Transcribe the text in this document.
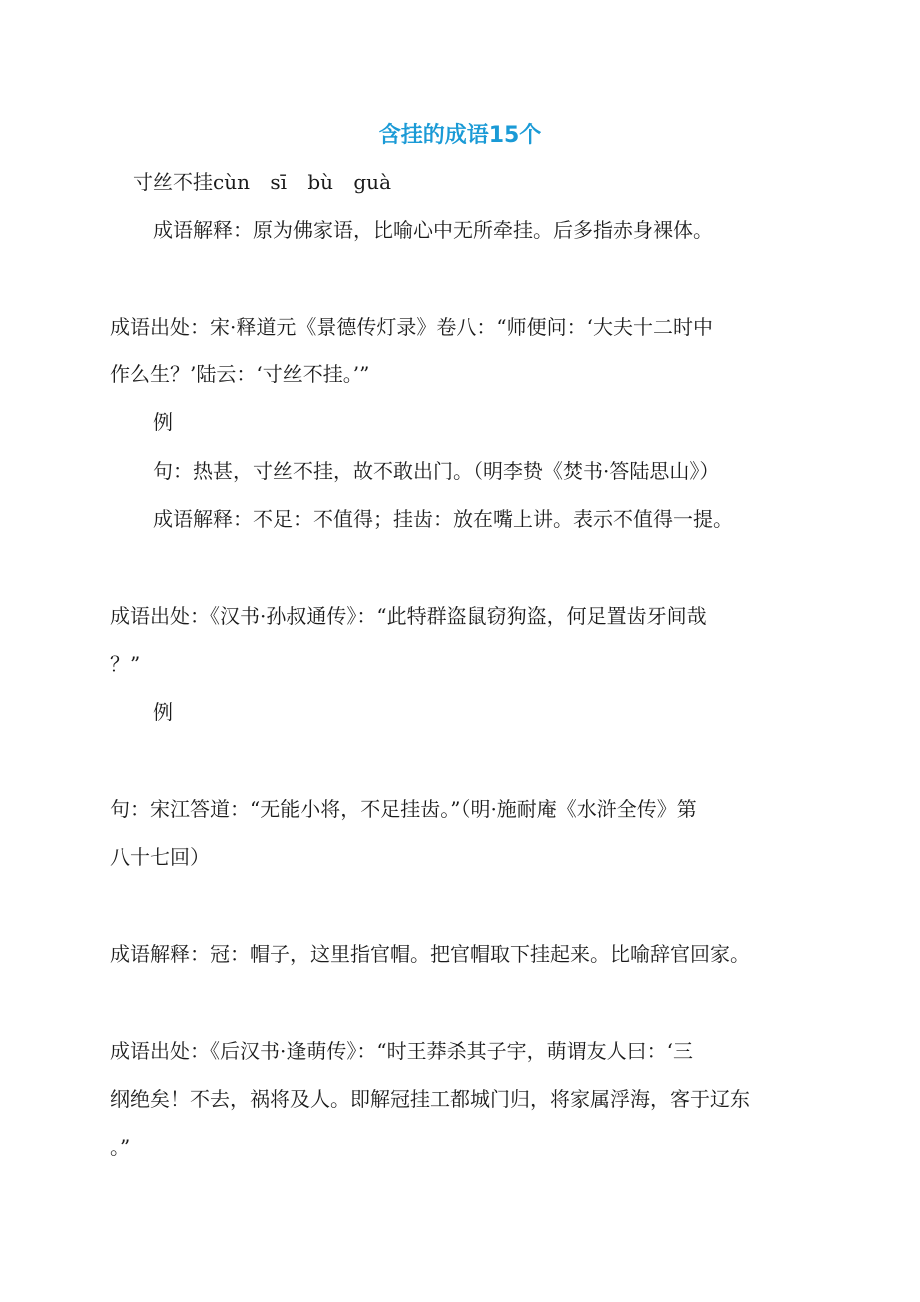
含挂的成语15个
寸丝不挂cùn sī bù guà
成语解释：原为佛家语，比喻心中无所牵挂。后多指赤身裸体。
成语出处：宋·释道元《景德传灯录》卷八：“师便问：‘大夫十二时中
作么生？’陆云：‘寸丝不挂。’”
例
句：热甚，寸丝不挂，故不敢出门。（明李贽《焚书·答陆思山》）
成语解释：不足：不值得；挂齿：放在嘴上讲。表示不值得一提。
成语出处：《汉书·孙叔通传》：“此特群盗鼠窃狗盗，何足置齿牙间哉
？”
例
句：宋江答道：“无能小将，不足挂齿。”（明·施耐庵《水浒全传》第
八十七回）
成语解释：冠：帽子，这里指官帽。把官帽取下挂起来。比喻辞官回家。
成语出处：《后汉书·逢萌传》：“时王莽杀其子宇，萌谓友人曰：‘三
纲绝矣！不去，祸将及人。即解冠挂工都城门归，将家属浮海，客于辽东
。”
